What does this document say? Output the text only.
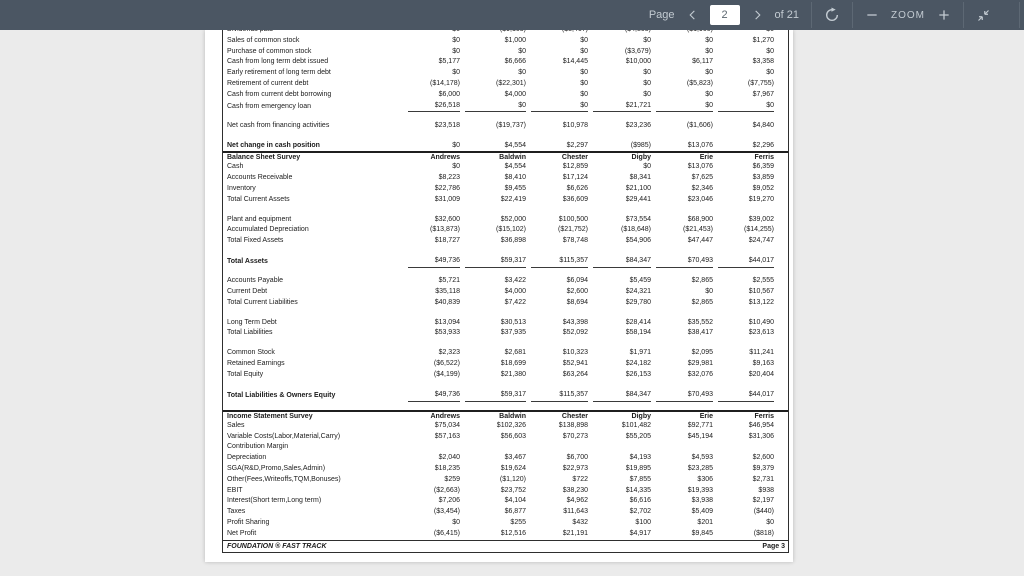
Page
2	of 21	ZOOM
Sales of common stock	$0	$1,000	$0	$0	$0	$1,270
Purchase of common stock	$0	$0	$0	($3,679)	$0	$0
Cash from long term debt issued	$5,177	$6,666	$14,445	$10,000	$6,117	$3,358
Early retirement of long term debt	$0	$0	$0	$0	$0	$0
Retirement of current debt	($14,178)	($22,301)	$0	$0	($5,823)	($7,755)
Cash from current debt borrowing	$6,000	$4,000	$0	$0	$0	$7,967
Cash from emergency loan	$26,518	$0	$0	$21,721	$0	$0
Net cash from financing activities	$23,518	($19,737)	$10,978	$23,236	($1,606)	$4,840
Net change in cash position	$0	$4,554	$2,297	($985)	$13,076	$2,296
Balance Sheet Survey	Andrews	Baldwin	Chester	Digby	Erie	Ferris
Cash	$0	$4,554	$12,859	$0	$13,076	$6,359
Accounts Receivable	$8,223	$8,410	$17,124	$8,341	$7,625	$3,859
Inventory	$22,786	$9,455	$6,626	$21,100	$2,346	$9,052
Total Current Assets	$31,009	$22,419	$36,609	$29,441	$23,046	$19,270
Plant and equipment	$32,600	$52,000	$100,500	$73,554	$68,900	$39,002
Accumulated Depreciation	($13,873)	($15,102)	($21,752)	($18,648)	($21,453)	($14,255)
Total Fixed Assets	$18,727	$36,898	$78,748	$54,906	$47,447	$24,747
Total Assets	$49,736	$59,317	$115,357	$84,347	$70,493	$44,017
Accounts Payable	$5,721	$3,422	$6,094	$5,459	$2,865	$2,555
Current Debt	$35,118	$4,000	$2,600	$24,321	$0	$10,567
Total Current Liabilities	$40,839	$7,422	$8,694	$29,780	$2,865	$13,122
Long Term Debt	$13,094	$30,513	$43,398	$28,414	$35,552	$10,490
Total Liabilities	$53,933	$37,935	$52,092	$58,194	$38,417	$23,613
Common Stock	$2,323	$2,681	$10,323	$1,971	$2,095	$11,241
Retained Earnings	($6,522)	$18,699	$52,941	$24,182	$29,981	$9,163
Total Equity	($4,199)	$21,380	$63,264	$26,153	$32,076	$20,404
Total Liabilities & Owners Equity	$49,736	$59,317	$115,357	$84,347	$70,493	$44,017
Income Statement Survey	Andrews	Baldwin	Chester	Digby	Erie	Ferris
Sales	$75,034	$102,326	$138,898	$101,482	$92,771	$46,954
Variable Costs(Labor,Material,Carry)	$57,163	$56,603	$70,273	$55,205	$45,194	$31,306
Contribution Margin
Depreciation	$2,040	$3,467	$6,700	$4,193	$4,593	$2,600
SGA(R&D,Promo,Sales,Admin)	$18,235	$19,624	$22,973	$19,895	$23,285	$9,379
Other(Fees,Writeoffs,TQM,Bonuses)	$259	($1,120)	$722	$7,855	$306	$2,731
EBIT	($2,663)	$23,752	$38,230	$14,335	$19,393	$938
Interest(Short term,Long term)	$7,206	$4,104	$4,962	$6,616	$3,938	$2,197
Taxes	($3,454)	$6,877	$11,643	$2,702	$5,409	($440)
Profit Sharing	$0	$255	$432	$100	$201	$0
Net Profit	($6,415)	$12,516	$21,191	$4,917	$9,845	($818)
FOUNDATION ® FAST TRACK	Page 3
